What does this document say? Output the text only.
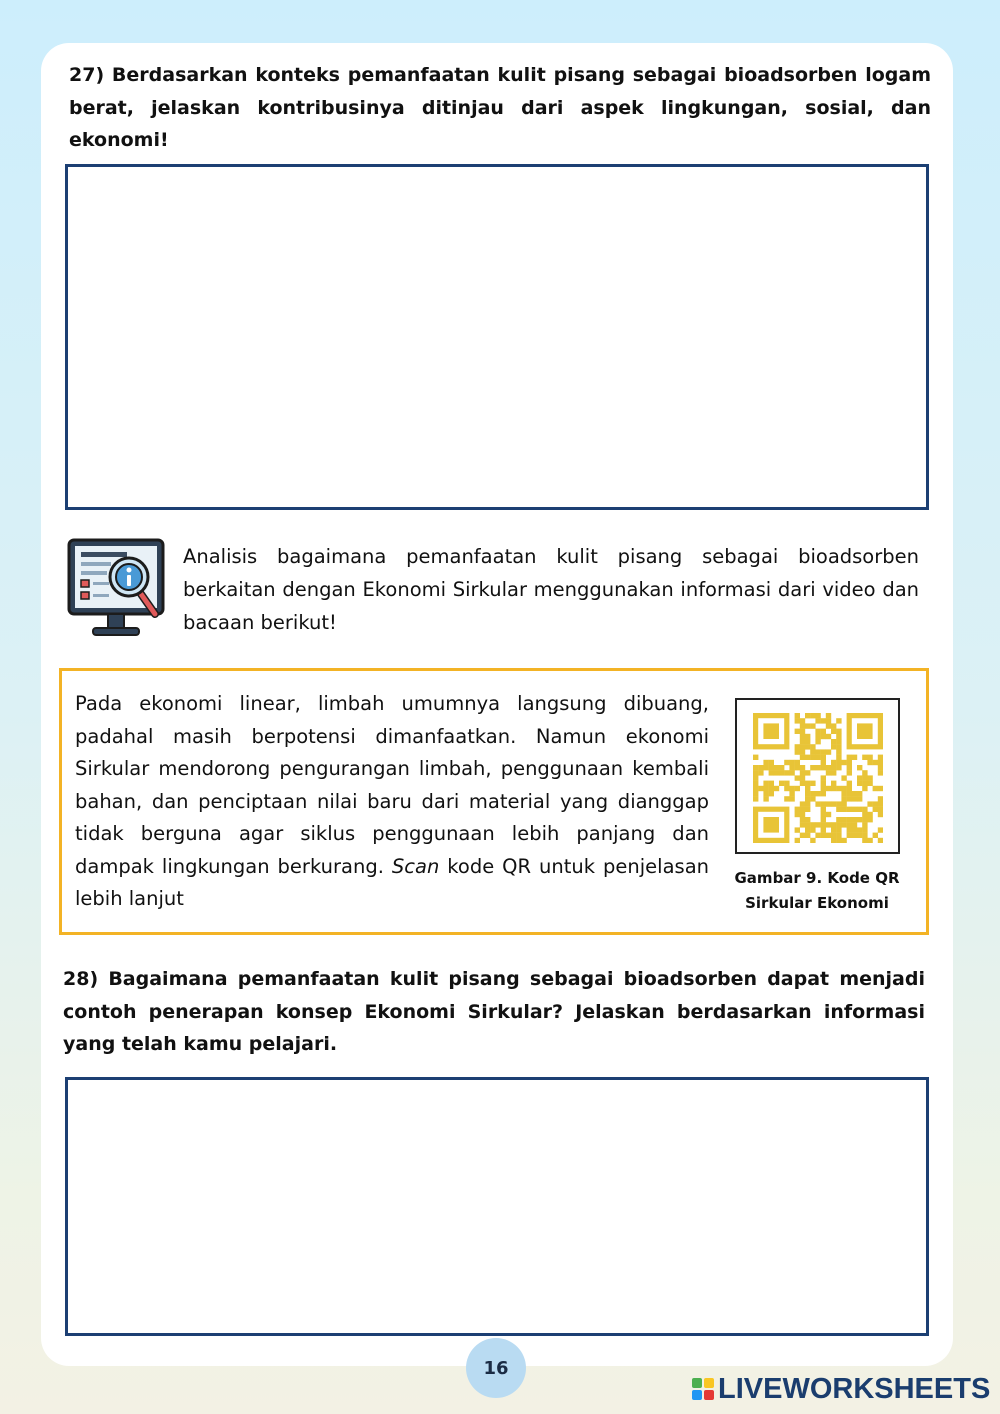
27) Berdasarkan konteks pemanfaatan kulit pisang sebagai bioadsorben logam berat, jelaskan kontribusinya ditinjau dari aspek lingkungan, sosial, dan ekonomi!

Analisis bagaimana pemanfaatan kulit pisang sebagai bioadsorben berkaitan dengan Ekonomi Sirkular menggunakan informasi dari video dan bacaan berikut!

Pada ekonomi linear, limbah umumnya langsung dibuang, padahal masih berpotensi dimanfaatkan. Namun ekonomi Sirkular mendorong pengurangan limbah, penggunaan kembali bahan, dan penciptaan nilai baru dari material yang dianggap tidak berguna agar siklus penggunaan lebih panjang dan dampak lingkungan berkurang. Scan kode QR untuk penjelasan lebih lanjut

Gambar 9. Kode QR
Sirkular Ekonomi

28) Bagaimana pemanfaatan kulit pisang sebagai bioadsorben dapat menjadi contoh penerapan konsep Ekonomi Sirkular? Jelaskan berdasarkan informasi yang telah kamu pelajari.

16
LIVEWORKSHEETS
